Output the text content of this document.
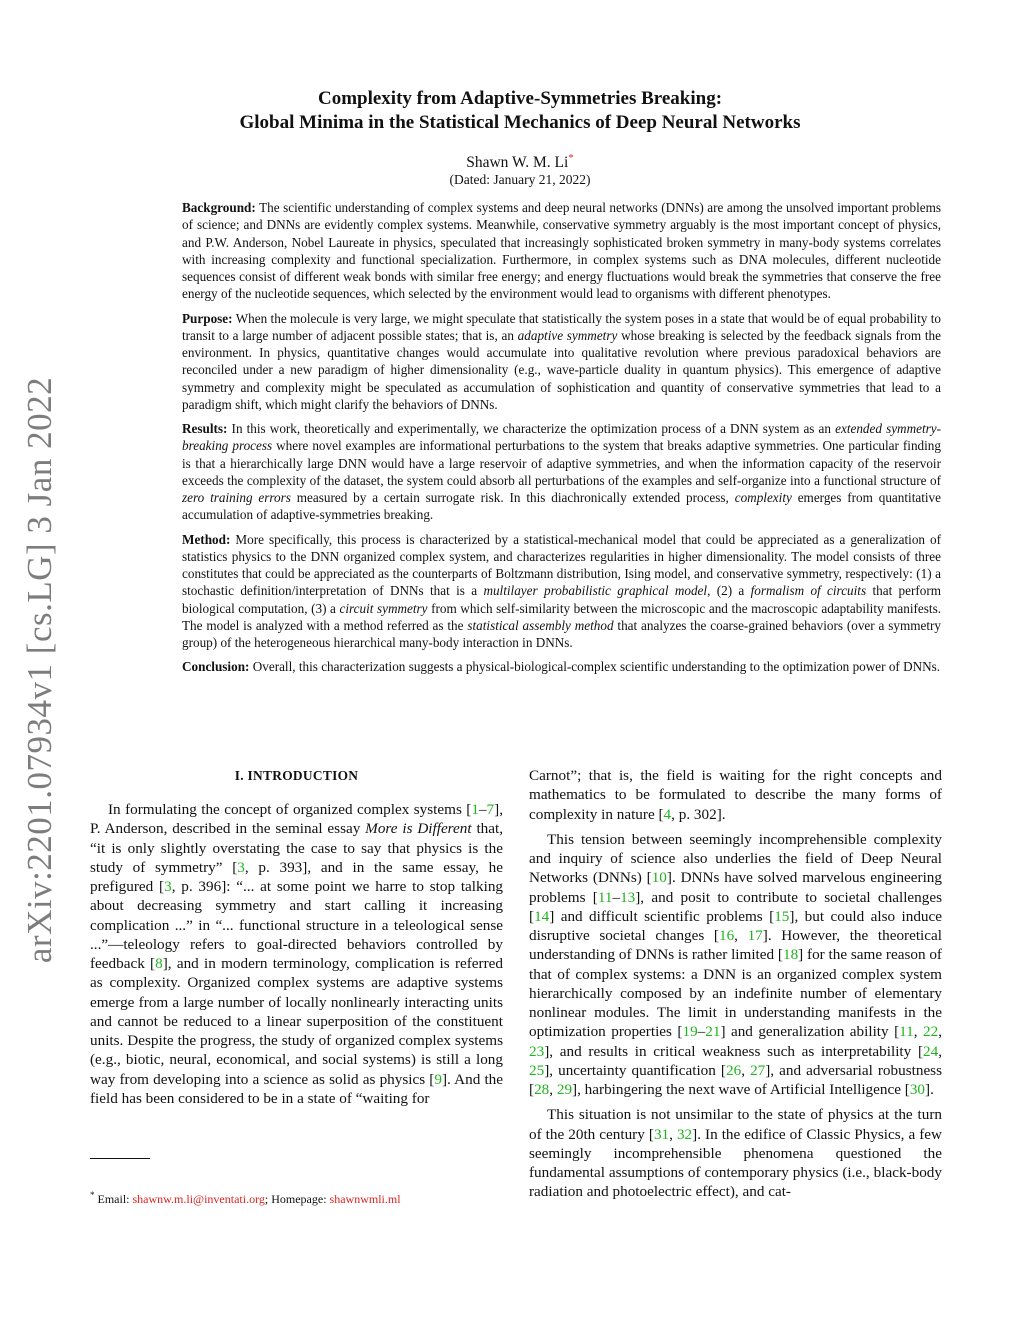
arXiv:2201.07934v1 [cs.LG] 3 Jan 2022
Complexity from Adaptive-Symmetries Breaking:
Global Minima in the Statistical Mechanics of Deep Neural Networks
Shawn W. M. Li*
(Dated: January 21, 2022)

Background: The scientific understanding of complex systems and deep neural networks (DNNs) are among the unsolved important problems of science; and DNNs are evidently complex systems. Meanwhile, conservative symmetry arguably is the most important concept of physics, and P.W. Anderson, Nobel Laureate in physics, speculated that increasingly sophisticated broken symmetry in many-body systems correlates with increasing complexity and functional specialization. Furthermore, in complex systems such as DNA molecules, different nucleotide sequences consist of different weak bonds with similar free energy; and energy fluctuations would break the symmetries that conserve the free energy of the nucleotide sequences, which selected by the environment would lead to organisms with different phenotypes.

Purpose: When the molecule is very large, we might speculate that statistically the system poses in a state that would be of equal probability to transit to a large number of adjacent possible states; that is, an adaptive symmetry whose breaking is selected by the feedback signals from the environment. In physics, quantitative changes would accumulate into qualitative revolution where previous paradoxical behaviors are reconciled under a new paradigm of higher dimensionality (e.g., wave-particle duality in quantum physics). This emergence of adaptive symmetry and complexity might be speculated as accumulation of sophistication and quantity of conservative symmetries that lead to a paradigm shift, which might clarify the behaviors of DNNs.

Results: In this work, theoretically and experimentally, we characterize the optimization process of a DNN system as an extended symmetry-breaking process where novel examples are informational perturbations to the system that breaks adaptive symmetries. One particular finding is that a hierarchically large DNN would have a large reservoir of adaptive symmetries, and when the information capacity of the reservoir exceeds the complexity of the dataset, the system could absorb all perturbations of the examples and self-organize into a functional structure of zero training errors measured by a certain surrogate risk. In this diachronically extended process, complexity emerges from quantitative accumulation of adaptive-symmetries breaking.

Method: More specifically, this process is characterized by a statistical-mechanical model that could be appreciated as a generalization of statistics physics to the DNN organized complex system, and characterizes regularities in higher dimensionality. The model consists of three constitutes that could be appreciated as the counterparts of Boltzmann distribution, Ising model, and conservative symmetry, respectively: (1) a stochastic definition/interpretation of DNNs that is a multilayer probabilistic graphical model, (2) a formalism of circuits that perform biological computation, (3) a circuit symmetry from which self-similarity between the microscopic and the macroscopic adaptability manifests. The model is analyzed with a method referred as the statistical assembly method that analyzes the coarse-grained behaviors (over a symmetry group) of the heterogeneous hierarchical many-body interaction in DNNs.

Conclusion: Overall, this characterization suggests a physical-biological-complex scientific understanding to the optimization power of DNNs.

I. INTRODUCTION

In formulating the concept of organized complex systems [1–7], P. Anderson, described in the seminal essay More is Different that, “it is only slightly overstating the case to say that physics is the study of symmetry” [3, p. 393], and in the same essay, he prefigured [3, p. 396]: “... at some point we harre to stop talking about decreasing symmetry and start calling it increasing complication ...” in “... functional structure in a teleological sense ...”—teleology refers to goal-directed behaviors controlled by feedback [8], and in modern terminology, complication is referred as complexity. Organized complex systems are adaptive systems emerge from a large number of locally nonlinearly interacting units and cannot be reduced to a linear superposition of the constituent units. Despite the progress, the study of organized complex systems (e.g., biotic, neural, economical, and social systems) is still a long way from developing into a science as solid as physics [9]. And the field has been considered to be in a state of “waiting for

Carnot”; that is, the field is waiting for the right concepts and mathematics to be formulated to describe the many forms of complexity in nature [4, p. 302].

This tension between seemingly incomprehensible complexity and inquiry of science also underlies the field of Deep Neural Networks (DNNs) [10]. DNNs have solved marvelous engineering problems [11–13], and posit to contribute to societal challenges [14] and difficult scientific problems [15], but could also induce disruptive societal changes [16, 17]. However, the theoretical understanding of DNNs is rather limited [18] for the same reason of that of complex systems: a DNN is an organized complex system hierarchically composed by an indefinite number of elementary nonlinear modules. The limit in understanding manifests in the optimization properties [19–21] and generalization ability [11, 22, 23], and results in critical weakness such as interpretability [24, 25], uncertainty quantification [26, 27], and adversarial robustness [28, 29], harbingering the next wave of Artificial Intelligence [30].

This situation is not unsimilar to the state of physics at the turn of the 20th century [31, 32]. In the edifice of Classic Physics, a few seemingly incomprehensible phenomena questioned the fundamental assumptions of contemporary physics (i.e., black-body radiation and photoelectric effect), and cat-

* Email: shawnw.m.li@inventati.org; Homepage: shawnwmli.ml
